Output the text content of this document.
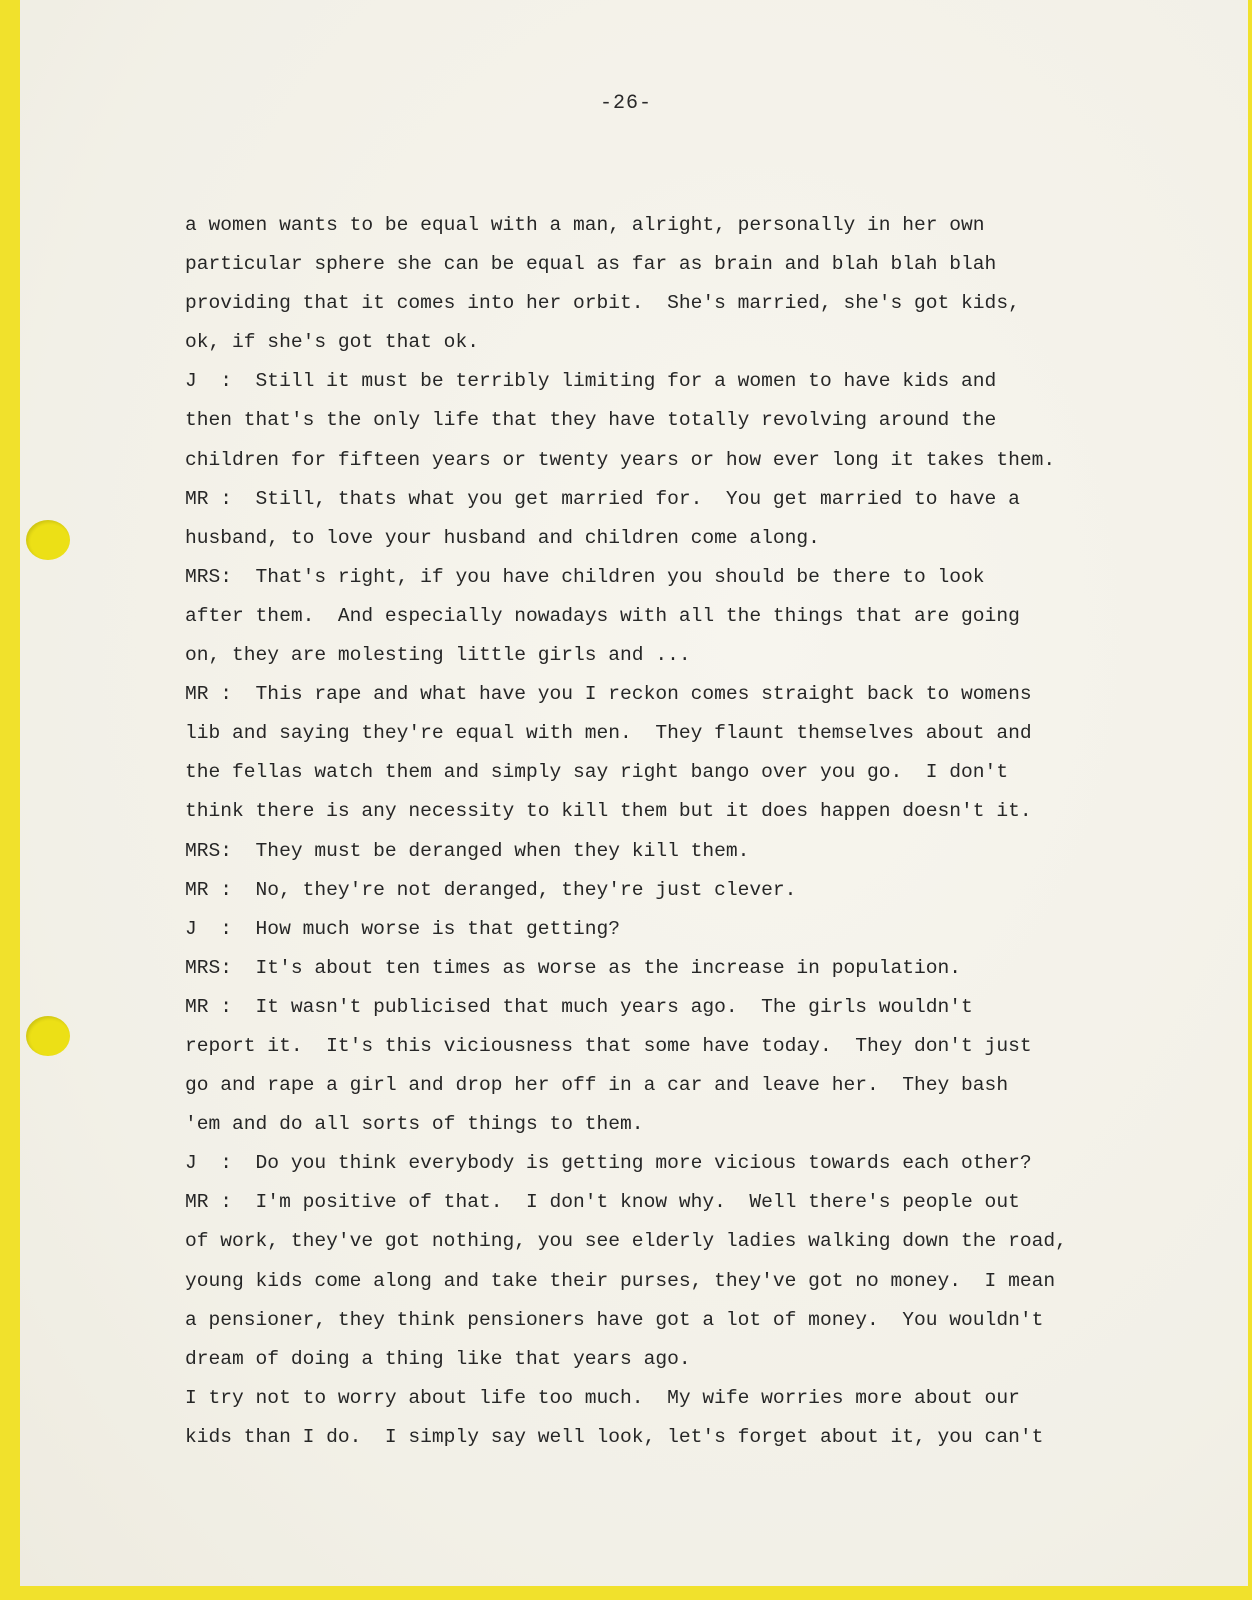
-26-
a women wants to be equal with a man, alright, personally in her own
particular sphere she can be equal as far as brain and blah blah blah
providing that it comes into her orbit.  She's married, she's got kids,
ok, if she's got that ok.
J  :  Still it must be terribly limiting for a women to have kids and
then that's the only life that they have totally revolving around the
children for fifteen years or twenty years or how ever long it takes them.
MR :  Still, thats what you get married for.  You get married to have a
husband, to love your husband and children come along.
MRS:  That's right, if you have children you should be there to look
after them.  And especially nowadays with all the things that are going
on, they are molesting little girls and ...
MR :  This rape and what have you I reckon comes straight back to womens
lib and saying they're equal with men.  They flaunt themselves about and
the fellas watch them and simply say right bango over you go.  I don't
think there is any necessity to kill them but it does happen doesn't it.
MRS:  They must be deranged when they kill them.
MR :  No, they're not deranged, they're just clever.
J  :  How much worse is that getting?
MRS:  It's about ten times as worse as the increase in population.
MR :  It wasn't publicised that much years ago.  The girls wouldn't
report it.  It's this viciousness that some have today.  They don't just
go and rape a girl and drop her off in a car and leave her.  They bash
'em and do all sorts of things to them.
J  :  Do you think everybody is getting more vicious towards each other?
MR :  I'm positive of that.  I don't know why.  Well there's people out
of work, they've got nothing, you see elderly ladies walking down the road,
young kids come along and take their purses, they've got no money.  I mean
a pensioner, they think pensioners have got a lot of money.  You wouldn't
dream of doing a thing like that years ago.
I try not to worry about life too much.  My wife worries more about our
kids than I do.  I simply say well look, let's forget about it, you can't
